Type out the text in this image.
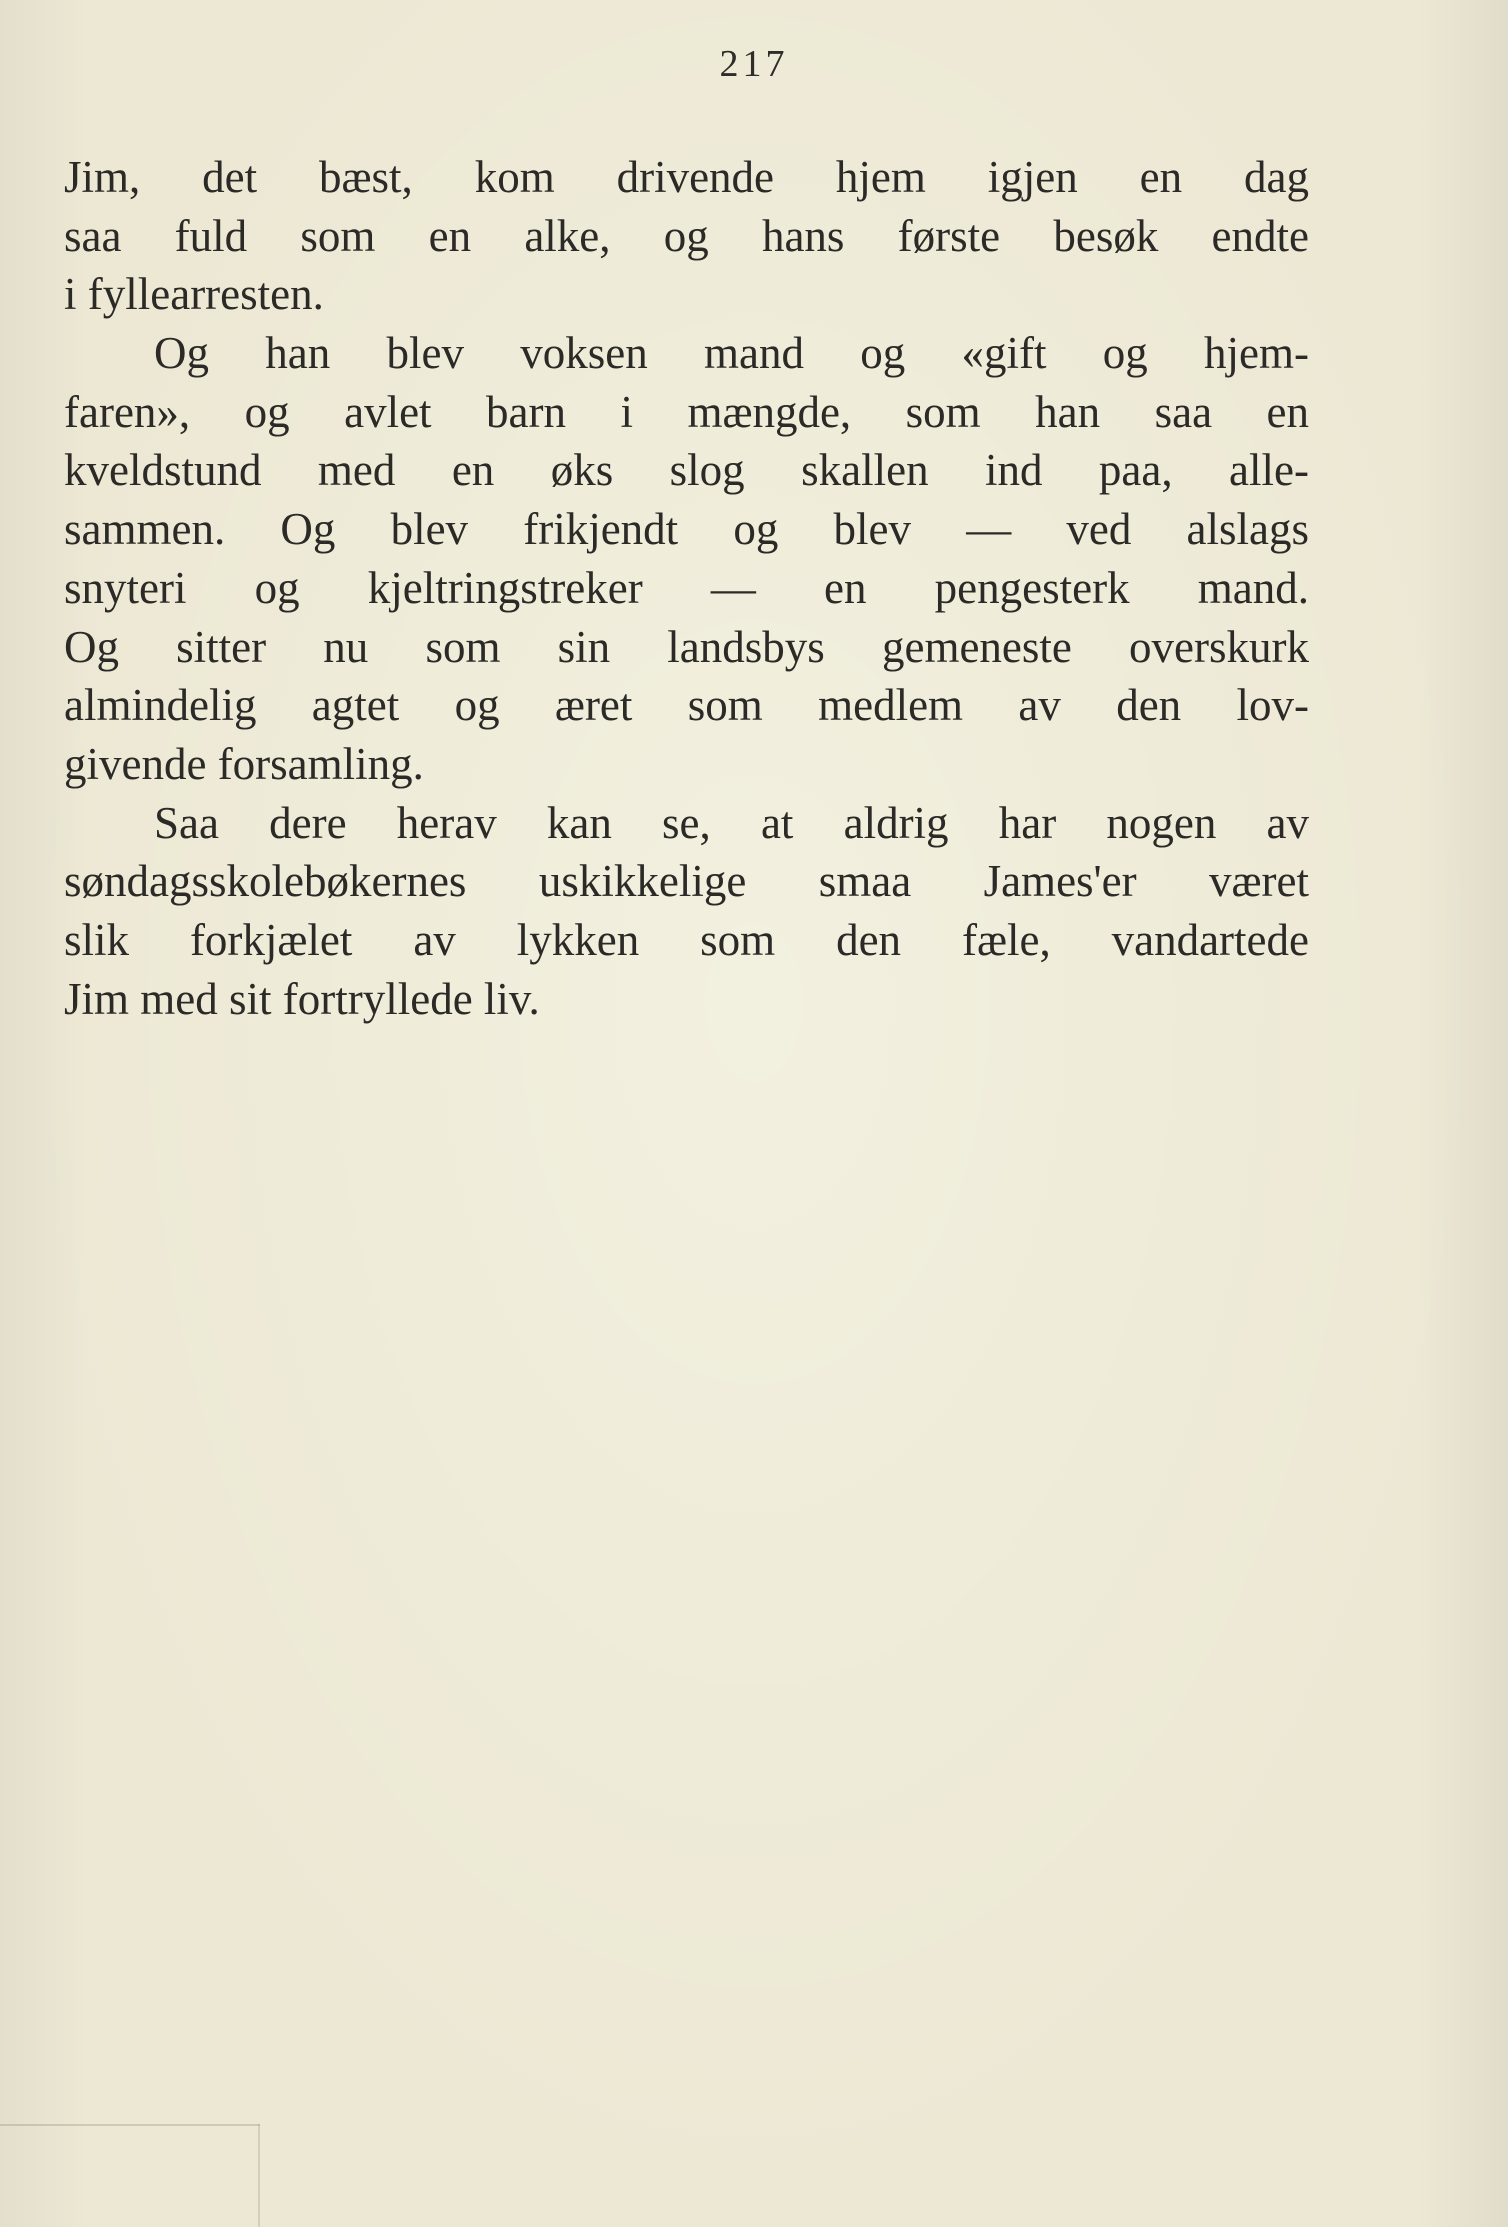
217
Jim, det bæst, kom drivende hjem igjen en dag
saa fuld som en alke, og hans første besøk endte
i fyllearresten.
Og han blev voksen mand og «gift og hjem-
faren», og avlet barn i mængde, som han saa en
kveldstund med en øks slog skallen ind paa, alle-
sammen. Og blev frikjendt og blev — ved alslags
snyteri og kjeltringstreker — en pengesterk mand.
Og sitter nu som sin landsbys gemeneste overskurk
almindelig agtet og æret som medlem av den lov-
givende forsamling.
Saa dere herav kan se, at aldrig har nogen av
søndagsskolebøkernes uskikkelige smaa James'er været
slik forkjælet av lykken som den fæle, vandartede
Jim med sit fortryllede liv.
